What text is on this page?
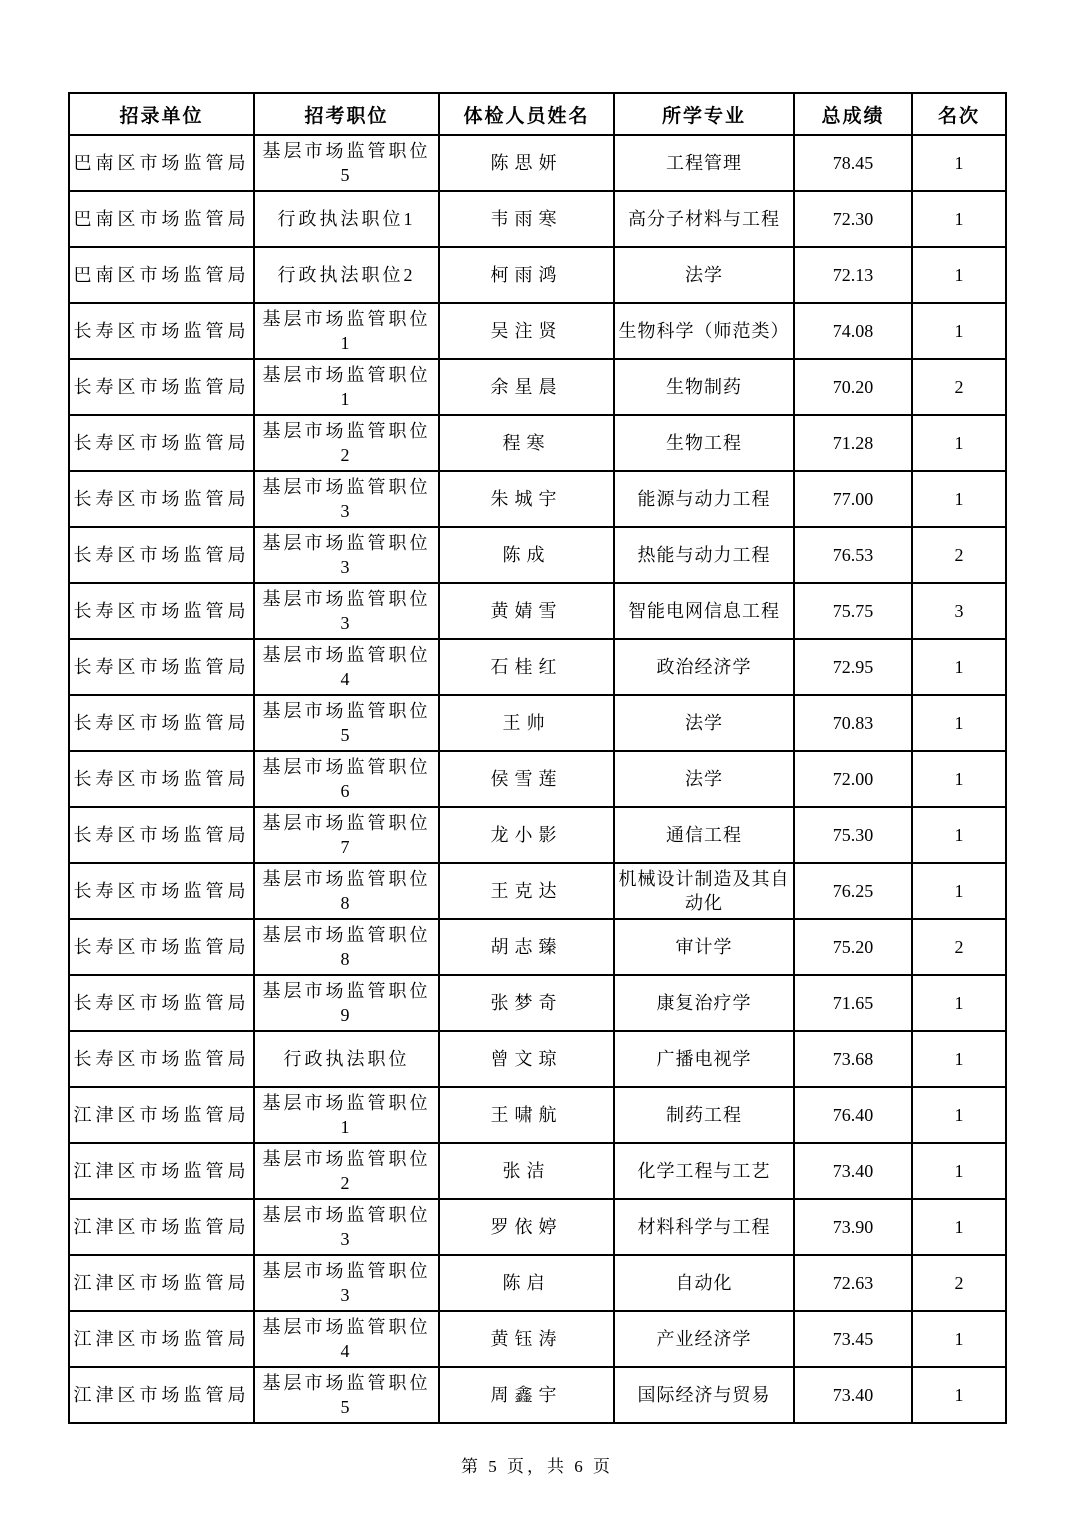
招录单位	招考职位	体检人员姓名	所学专业	总成绩	名次
巴南区市场监管局	基层市场监管职位5	陈思妍	工程管理	78.45	1
巴南区市场监管局	行政执法职位1	韦雨寒	高分子材料与工程	72.30	1
巴南区市场监管局	行政执法职位2	柯雨鸿	法学	72.13	1
长寿区市场监管局	基层市场监管职位1	吴注贤	生物科学（师范类）	74.08	1
长寿区市场监管局	基层市场监管职位1	余星晨	生物制药	70.20	2
长寿区市场监管局	基层市场监管职位2	程寒	生物工程	71.28	1
长寿区市场监管局	基层市场监管职位3	朱城宇	能源与动力工程	77.00	1
长寿区市场监管局	基层市场监管职位3	陈成	热能与动力工程	76.53	2
长寿区市场监管局	基层市场监管职位3	黄婧雪	智能电网信息工程	75.75	3
长寿区市场监管局	基层市场监管职位4	石桂红	政治经济学	72.95	1
长寿区市场监管局	基层市场监管职位5	王帅	法学	70.83	1
长寿区市场监管局	基层市场监管职位6	侯雪莲	法学	72.00	1
长寿区市场监管局	基层市场监管职位7	龙小影	通信工程	75.30	1
长寿区市场监管局	基层市场监管职位8	王克达	机械设计制造及其自动化	76.25	1
长寿区市场监管局	基层市场监管职位8	胡志臻	审计学	75.20	2
长寿区市场监管局	基层市场监管职位9	张梦奇	康复治疗学	71.65	1
长寿区市场监管局	行政执法职位	曾文琼	广播电视学	73.68	1
江津区市场监管局	基层市场监管职位1	王啸航	制药工程	76.40	1
江津区市场监管局	基层市场监管职位2	张洁	化学工程与工艺	73.40	1
江津区市场监管局	基层市场监管职位3	罗依婷	材料科学与工程	73.90	1
江津区市场监管局	基层市场监管职位3	陈启	自动化	72.63	2
江津区市场监管局	基层市场监管职位4	黄钰涛	产业经济学	73.45	1
江津区市场监管局	基层市场监管职位5	周鑫宇	国际经济与贸易	73.40	1
第 5 页，共 6 页
